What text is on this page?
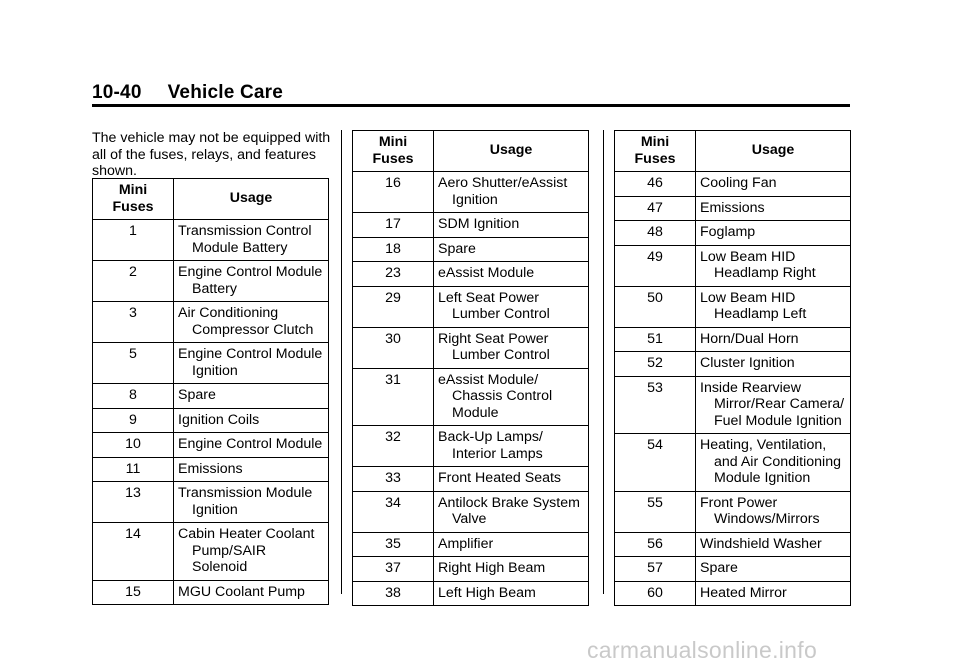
10-40 Vehicle Care
The vehicle may not be equipped with all of the fuses, relays, and features shown.
Mini Fuses	Usage
1	Transmission Control Module Battery

2	Engine Control Module Battery

3	Air Conditioning Compressor Clutch

5	Engine Control Module Ignition

8	Spare

9	Ignition Coils

10	Engine Control Module

11	Emissions

13	Transmission Module Ignition

14	Cabin Heater Coolant Pump/SAIR Solenoid

15	MGU Coolant Pump
Mini Fuses	Usage
16	Aero Shutter/eAssist Ignition

17	SDM Ignition

18	Spare

23	eAssist Module

29	Left Seat Power Lumber Control

30	Right Seat Power Lumber Control

31	eAssist Module/ Chassis Control Module

32	Back-Up Lamps/ Interior Lamps

33	Front Heated Seats

34	Antilock Brake System Valve

35	Amplifier

37	Right High Beam

38	Left High Beam
Mini Fuses	Usage
46	Cooling Fan

47	Emissions

48	Foglamp

49	Low Beam HID Headlamp Right

50	Low Beam HID Headlamp Left

51	Horn/Dual Horn

52	Cluster Ignition

53	Inside Rearview Mirror/Rear Camera/ Fuel Module Ignition

54	Heating, Ventilation, and Air Conditioning Module Ignition

55	Front Power Windows/Mirrors

56	Windshield Washer

57	Spare

60	Heated Mirror
carmanualsonline.info
